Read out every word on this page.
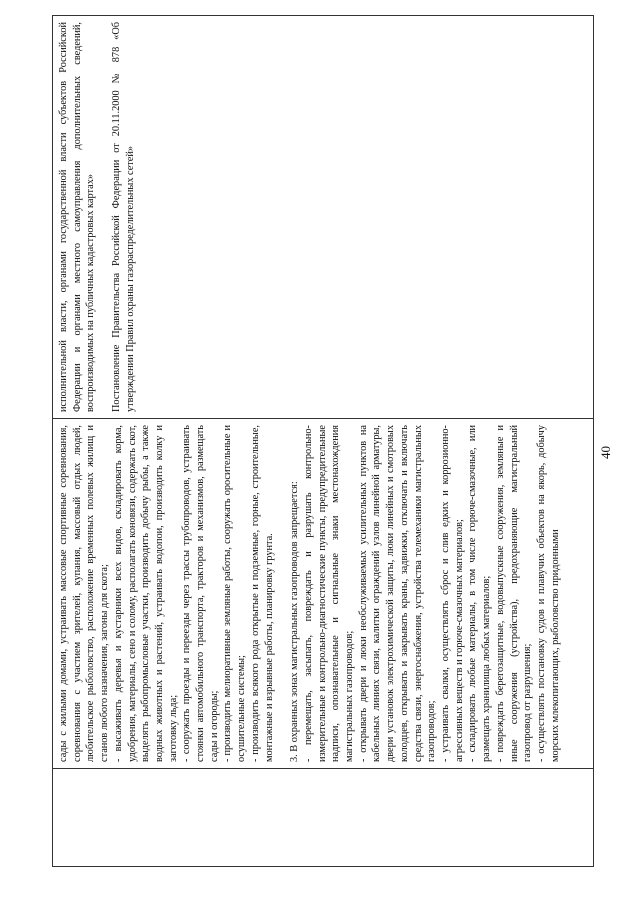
40

сады с жилыми домами, устраивать массовые спортивные соревнования, соревнования с участием зрителей, купания, массовый отдых людей, любительское рыболовство, расположение временных полевых жилищ и станов любого назначения, загоны для скота; - высаживать деревья и кустарники всех видов, складировать корма, удобрения, материалы, сено и солому, располагать коновязи, содержать скот, выделять рыбопромысловые участки, производить добычу рыбы, а также водных животных и растений, устраивать водопои, производить колку и заготовку льда; - сооружать проезды и переезды через трассы трубопроводов, устраивать стоянки автомобильного транспорта, тракторов и механизмов, размещать сады и огороды; - производить мелиоративные земляные работы, сооружать оросительные и осушительные системы; - производить всякого рода открытые и подземные, горные, строительные, монтажные и взрывные работы, планировку грунта. 3. В охранных зонах магистральных газопроводов запрещается: - перемещать, засыпать, повреждать и разрушать контрольно-измерительные и контрольно-диагностические пункты, предупредительные надписи, опознавательные и сигнальные знаки местонахождения магистральных газопроводов; - открывать двери и люки необслуживаемых усилительных пунктов на кабельных линиях связи, калитки ограждений узлов линейной арматуры, двери установок электрохимической защиты, люки линейных и смотровых колодцев, открывать и закрывать краны, задвижки, отключать и включать средства связи, энергоснабжения, устройства телемеханики магистральных газопроводов; - устраивать свалки, осуществлять сброс и слив едких и коррозионно-агрессивных веществ и горюче-смазочных материалов; - складировать любые материалы, в том числе горюче-смазочные, или размещать хранилища любых материалов; - повреждать берегозащитные, водовыпускные сооружения, земляные и иные сооружения (устройства), предохраняющие магистральный газопровод от разрушения; - осуществлять постановку судов и плавучих объектов на якорь, добычу морских млекопитающих, рыболовство придонными

исполнительной власти, органами государственной власти субъектов Российской Федерации и органами местного самоуправления дополнительных сведений, воспроизводимых на публичных кадастровых картах» Постановление Правительства Российской Федерации от 20.11.2000 № 878 «Об утверждении Правил охраны газораспределительных сетей»
